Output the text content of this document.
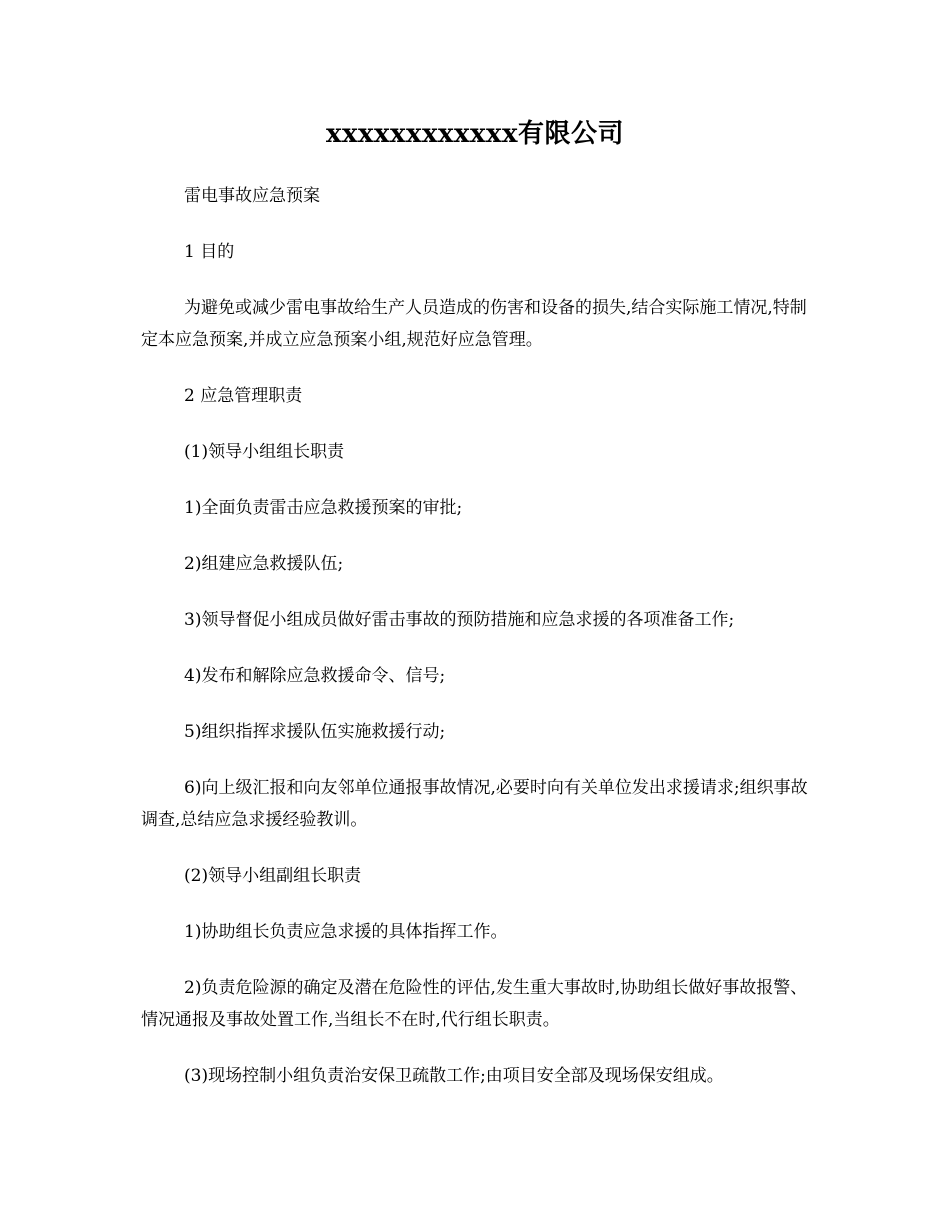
xxxxxxxxxxxx有限公司

雷电事故应急预案

1 目的

为避免或减少雷电事故给生产人员造成的伤害和设备的损失,结合实际施工情况,特制定本应急预案,并成立应急预案小组,规范好应急管理。

2 应急管理职责

(1)领导小组组长职责

1)全面负责雷击应急救援预案的审批;

2)组建应急救援队伍;

3)领导督促小组成员做好雷击事故的预防措施和应急求援的各项准备工作;

4)发布和解除应急救援命令、信号;

5)组织指挥求援队伍实施救援行动;

6)向上级汇报和向友邻单位通报事故情况,必要时向有关单位发出求援请求;组织事故调查,总结应急求援经验教训。

(2)领导小组副组长职责

1)协助组长负责应急求援的具体指挥工作。

2)负责危险源的确定及潜在危险性的评估,发生重大事故时,协助组长做好事故报警、情况通报及事故处置工作,当组长不在时,代行组长职责。

(3)现场控制小组负责治安保卫疏散工作;由项目安全部及现场保安组成。
